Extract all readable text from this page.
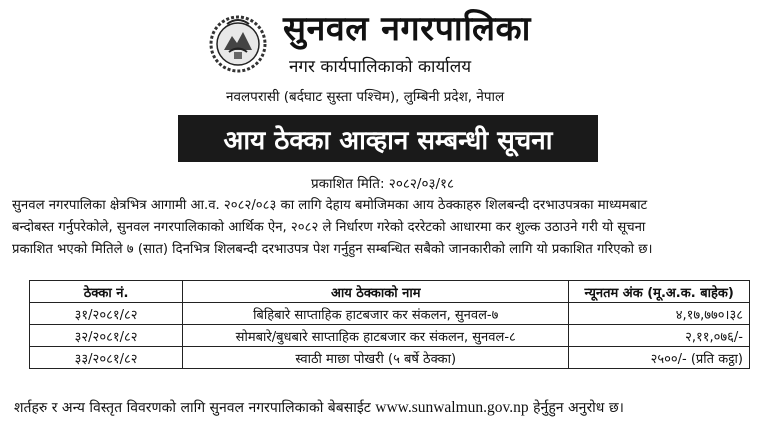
सुनवल नगरपालिका
नगर कार्यपालिकाको कार्यालय
नवलपरासी (बर्दघाट सुस्ता पश्चिम), लुम्बिनी प्रदेश, नेपाल
आय ठेक्का आव्हान सम्बन्धी सूचना
प्रकाशित मिति: २०८२/०३/१८
सुनवल नगरपालिका क्षेत्रभित्र आगामी आ.व. २०८२/०८३ का लागि देहाय बमोजिमका आय ठेक्काहरु शिलबन्दी दरभाउपत्रका माध्यमबाट
बन्दोबस्त गर्नुपरेकोले, सुनवल नगरपालिकाको आर्थिक ऐन, २०८२ ले निर्धारण गरेको दररेटको आधारमा कर शुल्क उठाउने गरी यो सूचना
प्रकाशित भएको मितिले ७ (सात) दिनभित्र शिलबन्दी दरभाउपत्र पेश गर्नुहुन सम्बन्धित सबैको जानकारीको लागि यो प्रकाशित गरिएको छ।
ठेक्का नं.	आय ठेक्काको नाम	न्यूनतम अंक (मू.अ.क. बाहेक)
३१/२०८१/८२	बिहिबारे साप्ताहिक हाटबजार कर संकलन, सुनवल-७	४,१७,७७०।३८
३२/२०८१/८२	सोमबारे/बुधबारे साप्ताहिक हाटबजार कर संकलन, सुनवल-८	२,११,०७६/-
३३/२०८१/८२	स्वाठी माछा पोखरी (५ बर्षे ठेक्का)	२५००/- (प्रति कट्ठा)
शर्तहरु र अन्य विस्तृत विवरणको लागि सुनवल नगरपालिकाको बेबसाईट www.sunwalmun.gov.np हेर्नुहुन अनुरोध छ।
